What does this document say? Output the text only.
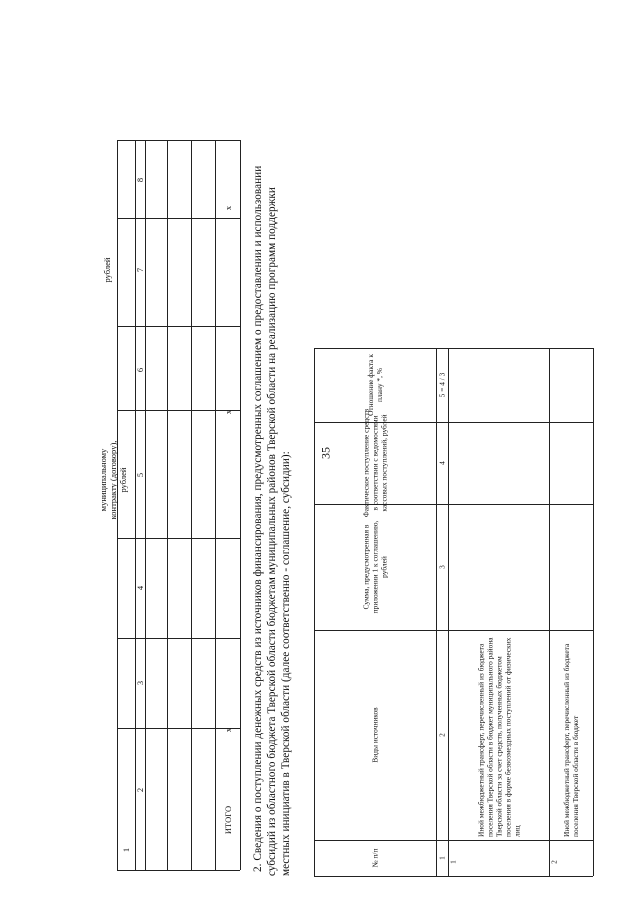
35
муниципальному контракту (договору), рублей
рублей
8
7
6
5
4
3
2
1
ИТОГО
x
x
x 2. Сведения о поступлении денежных средств из источников финансирования, предусмотренных соглашением о предоставлении и использовании субсидий из областного бюджета Тверской области бюджетам муниципальных районов Тверской области на реализацию программ поддержки местных инициатив в Тверской области (далее соответственно - соглашение, субсидии):
Отношение факта к плану *, %
Фактическое поступление средств в соответствии с ведомостями кассовых поступлений, рублей
Сумма, предусмотренная в приложении 1 к соглашению, рублей
Виды источников
№ п/п
5 = 4 / 3
4
3
2
1
1
Иной межбюджетный трансферт, перечисленный из бюджета поселения Тверской области в бюджет муниципального района Тверской области за счет средств, полученных бюджетом поселения в форме безвозмездных поступлений от физических лиц
2
Иной межбюджетный трансферт, перечисленный из бюджета поселения Тверской области в бюджет
